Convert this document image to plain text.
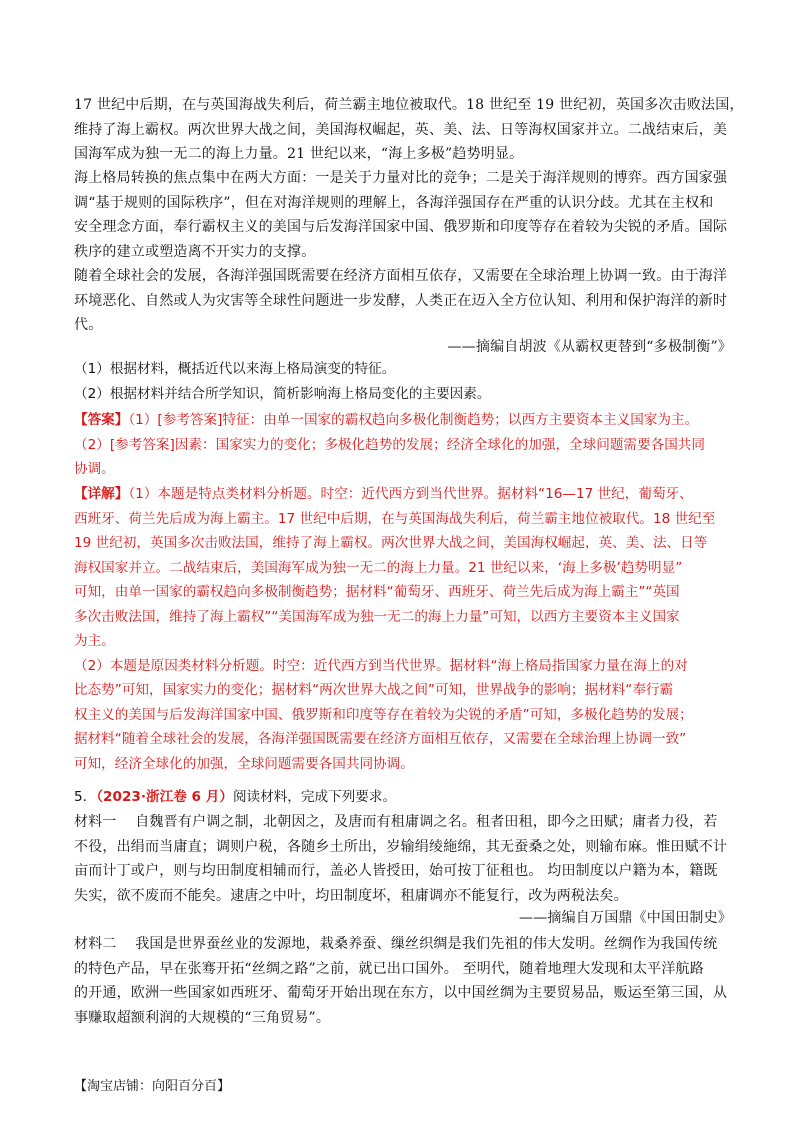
17 世纪中后期，在与英国海战失利后，荷兰霸主地位被取代。18 世纪至 19 世纪初，英国多次击败法国，
维持了海上霸权。两次世界大战之间，美国海权崛起，英、美、法、日等海权国家并立。二战结束后，美
国海军成为独一无二的海上力量。21 世纪以来，“海上多极”趋势明显。
海上格局转换的焦点集中在两大方面：一是关于力量对比的竞争；二是关于海洋规则的博弈。西方国家强
调“基于规则的国际秩序”，但在对海洋规则的理解上，各海洋强国存在严重的认识分歧。尤其在主权和
安全理念方面，奉行霸权主义的美国与后发海洋国家中国、俄罗斯和印度等存在着较为尖锐的矛盾。国际
秩序的建立或塑造离不开实力的支撑。
随着全球社会的发展，各海洋强国既需要在经济方面相互依存，又需要在全球治理上协调一致。由于海洋
环境恶化、自然或人为灾害等全球性问题进一步发酵，人类正在迈入全方位认知、利用和保护海洋的新时
代。
——摘编自胡波《从霸权更替到“多极制衡”》
（1）根据材料，概括近代以来海上格局演变的特征。
（2）根据材料并结合所学知识，简析影响海上格局变化的主要因素。
【答案】（1）[参考答案]特征：由单一国家的霸权趋向多极化制衡趋势；以西方主要资本主义国家为主。
（2）[参考答案]因素：国家实力的变化；多极化趋势的发展；经济全球化的加强，全球问题需要各国共同
协调。
【详解】（1）本题是特点类材料分析题。时空：近代西方到当代世界。据材料“16—17 世纪，葡萄牙、
西班牙、荷兰先后成为海上霸主。17 世纪中后期，在与英国海战失利后，荷兰霸主地位被取代。18 世纪至
19 世纪初，英国多次击败法国，维持了海上霸权。两次世界大战之间，美国海权崛起，英、美、法、日等
海权国家并立。二战结束后，美国海军成为独一无二的海上力量。21 世纪以来，‘海上多极’趋势明显”
可知，由单一国家的霸权趋向多极制衡趋势；据材料“葡萄牙、西班牙、荷兰先后成为海上霸主”“英国
多次击败法国，维持了海上霸权”“美国海军成为独一无二的海上力量”可知，以西方主要资本主义国家
为主。
（2）本题是原因类材料分析题。时空：近代西方到当代世界。据材料“海上格局指国家力量在海上的对
比态势”可知，国家实力的变化；据材料“两次世界大战之间”可知，世界战争的影响；据材料“奉行霸
权主义的美国与后发海洋国家中国、俄罗斯和印度等存在着较为尖锐的矛盾”可知，多极化趋势的发展；
据材料“随着全球社会的发展，各海洋强国既需要在经济方面相互依存，又需要在全球治理上协调一致”
可知，经济全球化的加强，全球问题需要各国共同协调。
5．（2023·浙江卷 6 月）阅读材料，完成下列要求。
材料一 自魏晋有户调之制，北朝因之，及唐而有租庸调之名。租者田租，即今之田赋；庸者力役，若
不役，出绢而当庸直；调则户税，各随乡土所出，岁输绢绫絁绵，其无蚕桑之处，则输布麻。惟田赋不计
亩而计丁或户，则与均田制度相辅而行，盖必人皆授田，始可按丁征租也。 均田制度以户籍为本，籍既
失实，欲不废而不能矣。逮唐之中叶，均田制度坏，租庸调亦不能复行，改为两税法矣。
——摘编自万国鼎《中国田制史》
材料二 我国是世界蚕丝业的发源地，栽桑养蚕、缫丝织绸是我们先祖的伟大发明。丝绸作为我国传统
的特色产品，早在张骞开拓“丝绸之路”之前，就已出口国外。 至明代，随着地理大发现和太平洋航路
的开通，欧洲一些国家如西班牙、葡萄牙开始出现在东方，以中国丝绸为主要贸易品，贩运至第三国，从
事赚取超额利润的大规模的“三角贸易”。
【淘宝店铺：向阳百分百】
